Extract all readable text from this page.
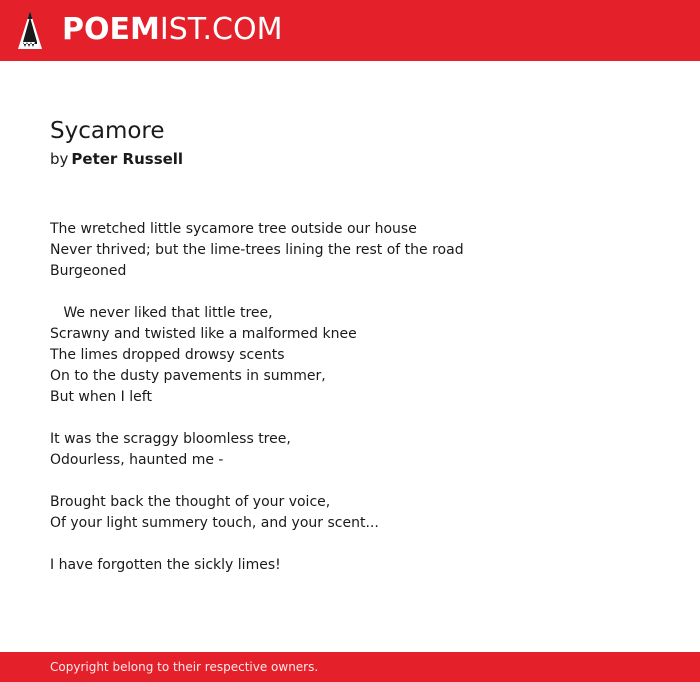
POEMIST.COM
Sycamore
by Peter Russell
The wretched little sycamore tree outside our house
Never thrived; but the lime-trees lining the rest of the road
Burgeoned
We never liked that little tree,
Scrawny and twisted like a malformed knee
The limes dropped drowsy scents
On to the dusty pavements in summer,
But when I left
It was the scraggy bloomless tree,
Odourless, haunted me -
Brought back the thought of your voice,
Of your light summery touch, and your scent...
I have forgotten the sickly limes!
Copyright belong to their respective owners.
